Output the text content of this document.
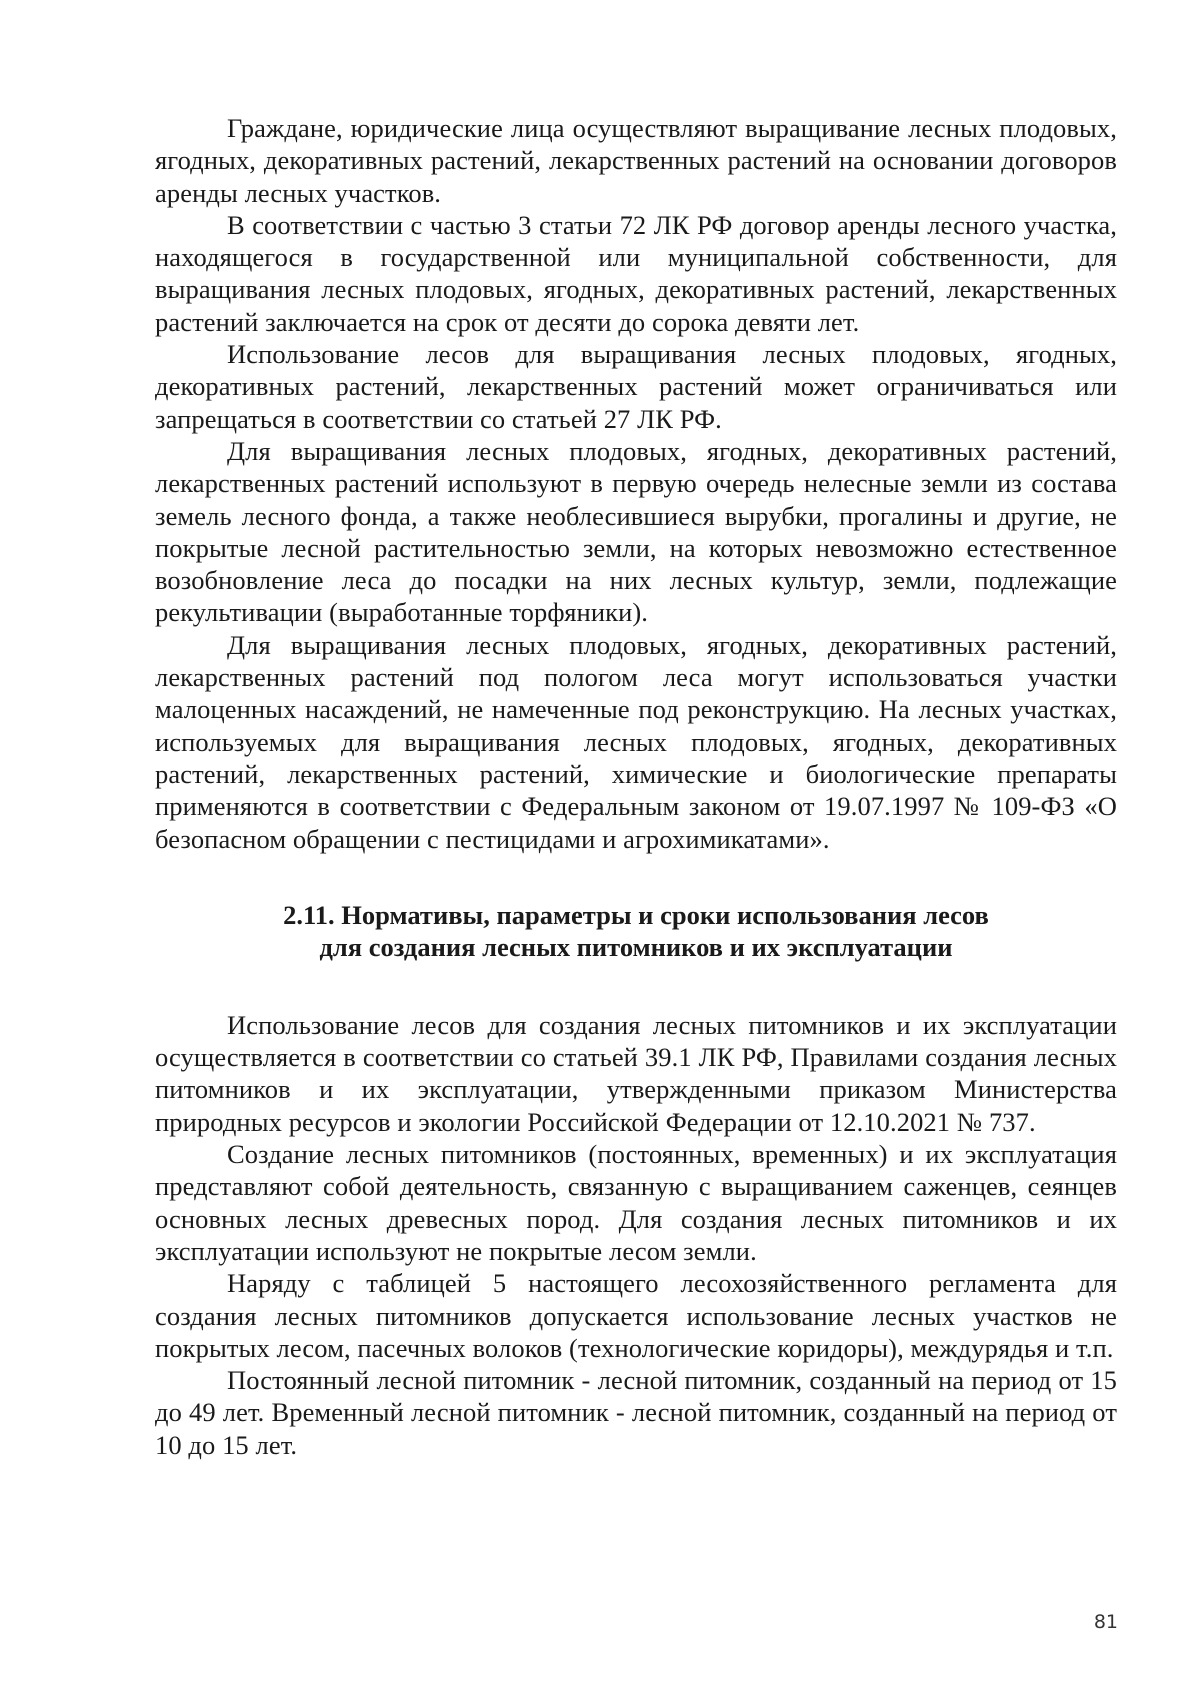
Граждане, юридические лица осуществляют выращивание лесных плодовых, ягодных, декоративных растений, лекарственных растений на основании договоров аренды лесных участков.

В соответствии с частью 3 статьи 72 ЛК РФ договор аренды лесного участка, находящегося в государственной или муниципальной собственности, для выращивания лесных плодовых, ягодных, декоративных растений, лекарственных растений заключается на срок от десяти до сорока девяти лет.

Использование лесов для выращивания лесных плодовых, ягодных, декоративных растений, лекарственных растений может ограничиваться или запрещаться в соответствии со статьей 27 ЛК РФ.

Для выращивания лесных плодовых, ягодных, декоративных растений, лекарственных растений используют в первую очередь нелесные земли из состава земель лесного фонда, а также необлесившиеся вырубки, прогалины и другие, не покрытые лесной растительностью земли, на которых невозможно естественное возобновление леса до посадки на них лесных культур, земли, подлежащие рекультивации (выработанные торфяники).

Для выращивания лесных плодовых, ягодных, декоративных растений, лекарственных растений под пологом леса могут использоваться участки малоценных насаждений, не намеченные под реконструкцию. На лесных участках, используемых для выращивания лесных плодовых, ягодных, декоративных растений, лекарственных растений, химические и биологические препараты применяются в соответствии с Федеральным законом от 19.07.1997 № 109-ФЗ «О безопасном обращении с пестицидами и агрохимикатами».

2.11. Нормативы, параметры и сроки использования лесов
для создания лесных питомников и их эксплуатации

Использование лесов для создания лесных питомников и их эксплуатации осуществляется в соответствии со статьей 39.1 ЛК РФ, Правилами создания лесных питомников и их эксплуатации, утвержденными приказом Министерства природных ресурсов и экологии Российской Федерации от 12.10.2021 № 737.

Создание лесных питомников (постоянных, временных) и их эксплуатация представляют собой деятельность, связанную с выращиванием саженцев, сеянцев основных лесных древесных пород. Для создания лесных питомников и их эксплуатации используют не покрытые лесом земли.

Наряду с таблицей 5 настоящего лесохозяйственного регламента для создания лесных питомников допускается использование лесных участков не покрытых лесом, пасечных волоков (технологические коридоры), междурядья и т.п.

Постоянный лесной питомник - лесной питомник, созданный на период от 15 до 49 лет. Временный лесной питомник - лесной питомник, созданный на период от 10 до 15 лет.

81
